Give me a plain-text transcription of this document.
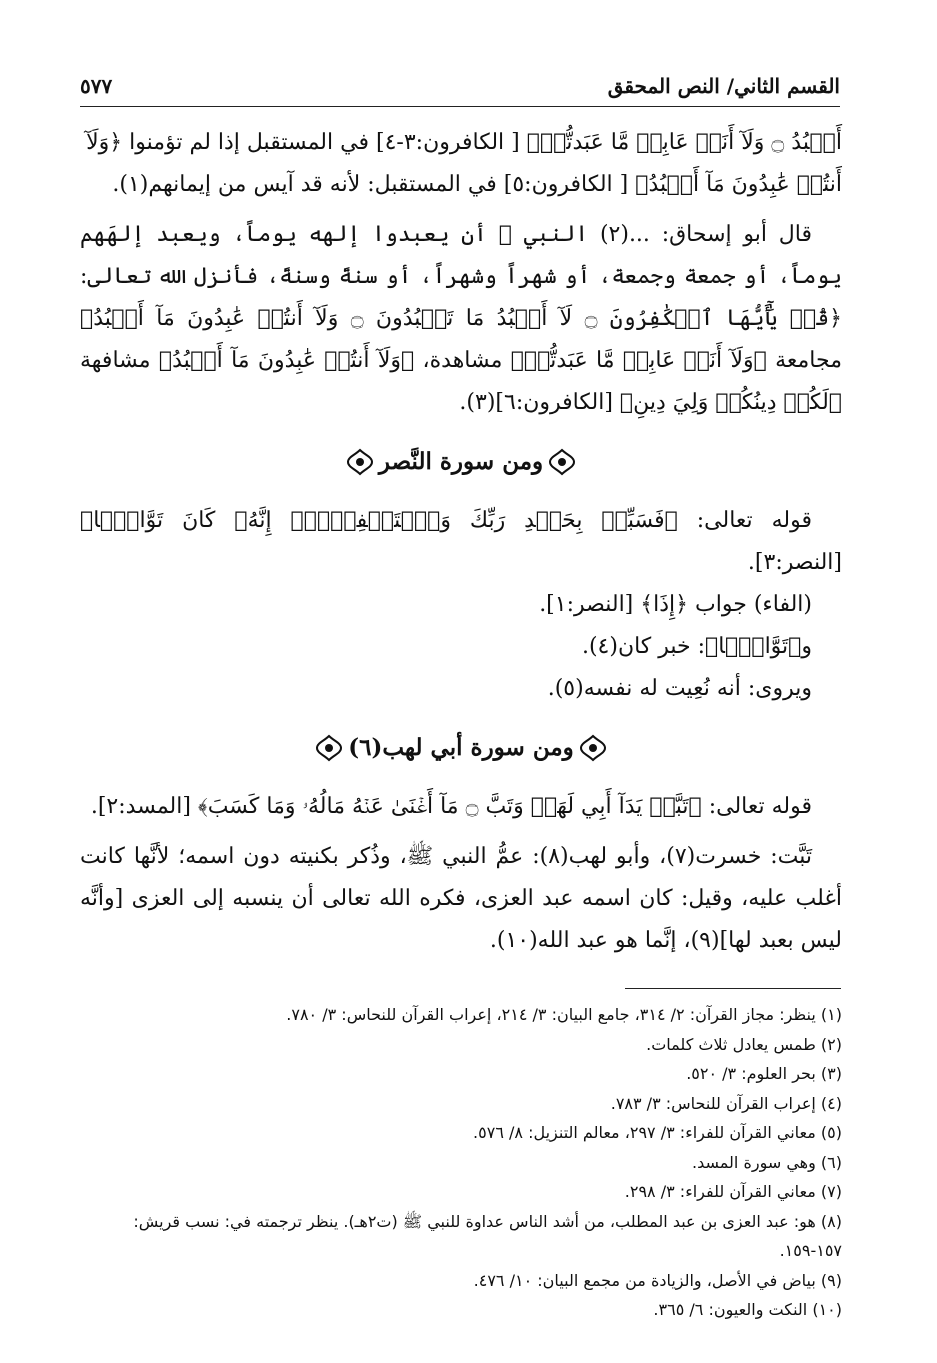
القسم الثاني/ النص المحقق
٥٧٧

أَعۡبُدُ ۝ وَلَآ أَنَا۠ عَابِدٞ مَّا عَبَدتُّمۡ﴾ [ الكافرون:٣-٤] في المستقبل إذا لم تؤمنوا ﴿وَلَآ

أَنتُمۡ عَٰبِدُونَ مَآ أَعۡبُدُ﴾ [ الكافرون:٥] في المستقبل: لأنه قد آيس من إيمانهم(١).

قال أبو إسحاق: ...(٢) النبي ﷺ أن يعبدوا إلهه يوماً، ويعبد إلهَهم يوماً، أو جمعة وجمعة، أو شهراً وشهراً، أو سنةً وسنةً، فأنزل الله تعالى: ﴿قُلۡ يَٰٓأَيُّهَا ٱلۡكَٰفِرُونَ ۝ لَآ أَعۡبُدُ مَا تَعۡبُدُونَ ۝ وَلَآ أَنتُمۡ عَٰبِدُونَ مَآ أَعۡبُدُ﴾ مجامعة ﴿وَلَآ أَنَا۠ عَابِدٞ مَّا عَبَدتُّمۡ﴾ مشاهدة، ﴿وَلَآ أَنتُمۡ عَٰبِدُونَ مَآ أَعۡبُدُ﴾ مشافهة ﴿لَكُمۡ دِينُكُمۡ وَلِيَ دِينِ﴾ [الكافرون:٦](٣).

ومن سورة النَّصر

قوله تعالى: ﴿فَسَبِّحۡ بِحَمۡدِ رَبِّكَ وَٱسۡتَغۡفِرۡهُۚ إِنَّهُۥ كَانَ تَوَّابَۢا﴾ [النصر:٣].

(الفاء) جواب ﴿إِذَا﴾ [النصر:١].

و﴿تَوَّابَۢا﴾: خبر كان(٤).

ويروى: أنه نُعِيت له نفسه(٥).

ومن سورة أبي لهب(٦)

قوله تعالى: ﴿تَبَّتۡ يَدَآ أَبِي لَهَبٖ وَتَبَّ ۝ مَآ أَغۡنَىٰ عَنۡهُ مَالُهُۥ وَمَا كَسَبَ﴾ [المسد:٢].

تَبَّت: خسرت(٧)، وأبو لهب(٨): عمُّ النبي ﷺ، وذُكر بكنيته دون اسمه؛ لأنَّها كانت أغلب عليه، وقيل: كان اسمه عبد العزى، فكره الله تعالى أن ينسبه إلى العزى [وأنَّه ليس بعبد لها](٩)، إنَّما هو عبد الله(١٠).

(١) ينظر: مجاز القرآن: ٢/ ٣١٤، جامع البيان: ٣/ ٢١٤، إعراب القرآن للنحاس: ٣/ ٧٨٠.

(٢) طمس يعادل ثلاث كلمات.

(٣) بحر العلوم: ٣/ ٥٢٠.

(٤) إعراب القرآن للنحاس: ٣/ ٧٨٣.

(٥) معاني القرآن للفراء: ٣/ ٢٩٧، معالم التنزيل: ٨/ ٥٧٦.

(٦) وهي سورة المسد.

(٧) معاني القرآن للفراء: ٣/ ٢٩٨.

(٨) هو: عبد العزى بن عبد المطلب، من أشد الناس عداوة للنبي ﷺ (ت٢هـ). ينظر ترجمته في: نسب قريش: ١٥٧-١٥٩.

(٩) بياض في الأصل، والزيادة من مجمع البيان: ١٠/ ٤٧٦.

(١٠) النكت والعيون: ٦/ ٣٦٥.
